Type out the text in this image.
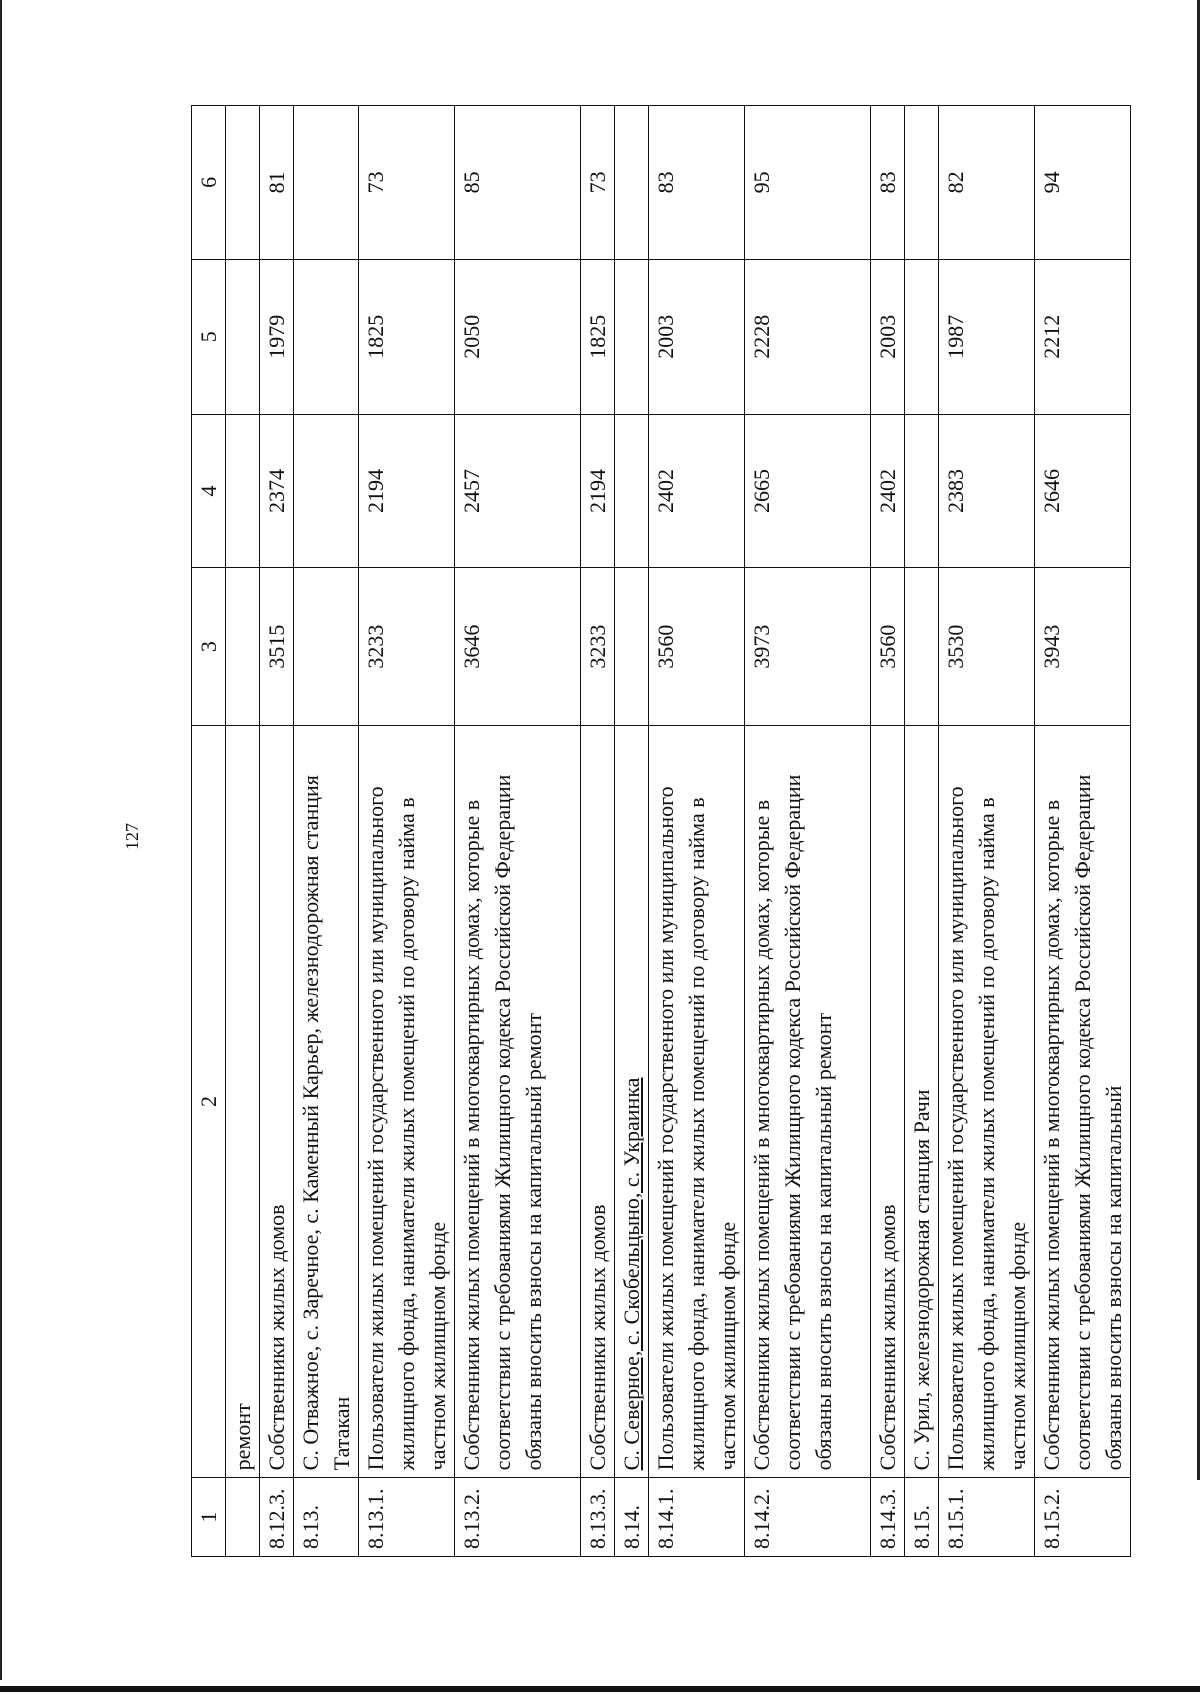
127
1	2	3	4	5	6
	ремонт				
8.12.3.	Собственники жилых домов	3515	2374	1979	81
8.13.	С. Отважное, с. Заречное, с. Каменный Карьер, железнодорожная станция Татакан				
8.13.1.	Пользователи жилых помещений государственного или муниципального жилищного фонда, наниматели жилых помещений по договору найма в частном жилищном фонде	3233	2194	1825	73
8.13.2.	Собственники жилых помещений в многоквартирных домах, которые в соответствии с требованиями Жилищного кодекса Российской Федерации обязаны вносить взносы на капитальный ремонт	3646	2457	2050	85
8.13.3.	Собственники жилых домов	3233	2194	1825	73
8.14.	С. Северное, с. Скобельцыно, с. Украинка				
8.14.1.	Пользователи жилых помещений государственного или муниципального жилищного фонда, наниматели жилых помещений по договору найма в частном жилищном фонде	3560	2402	2003	83
8.14.2.	Собственники жилых помещений в многоквартирных домах, которые в соответствии с требованиями Жилищного кодекса Российской Федерации обязаны вносить взносы на капитальный ремонт	3973	2665	2228	95
8.14.3.	Собственники жилых домов	3560	2402	2003	83
8.15.	С. Урил, железнодорожная станция Рачи				
8.15.1.	Пользователи жилых помещений государственного или муниципального жилищного фонда, наниматели жилых помещений по договору найма в частном жилищном фонде	3530	2383	1987	82
8.15.2.	Собственники жилых помещений в многоквартирных домах, которые в соответствии с требованиями Жилищного кодекса Российской Федерации обязаны вносить взносы на капитальный	3943	2646	2212	94
